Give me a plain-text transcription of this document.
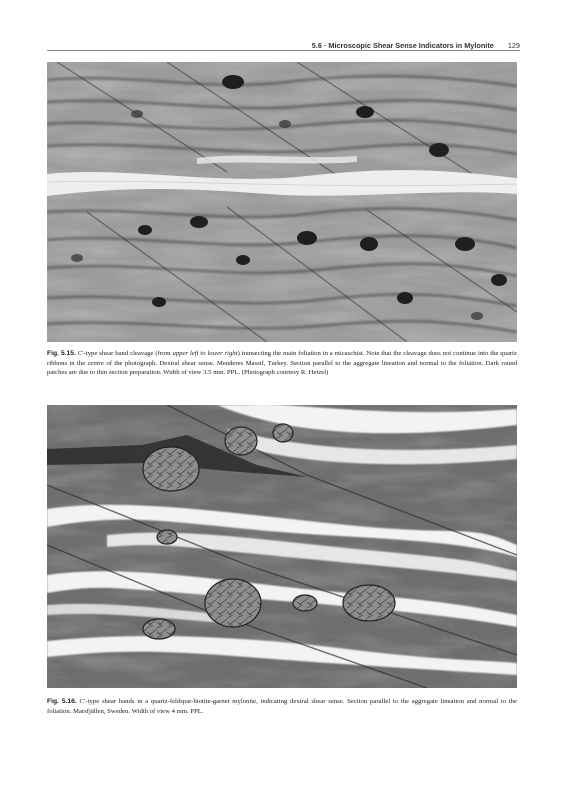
5.6 · Microscopic Shear Sense Indicators in Mylonite 129
Fig. 5.15. C′-type shear band cleavage (from upper left to lower right) transecting the main foliation in a micaschist. Note that the cleavage does not continue into the quartz ribbons in the centre of the photograph. Dextral shear sense. Menderes Massif, Turkey. Section parallel to the aggregate lineation and normal to the foliation. Dark round patches are due to thin section preparation. Width of view 3.5 mm. PPL. (Photograph courtesy R. Hetzel)
Fig. 5.16. C′-type shear bands in a quartz-feldspar-biotite-garnet mylonite, indicating dextral shear sense. Section parallel to the aggregate lineation and normal to the foliation. Marsfjällen, Sweden. Width of view 4 mm. PPL.
